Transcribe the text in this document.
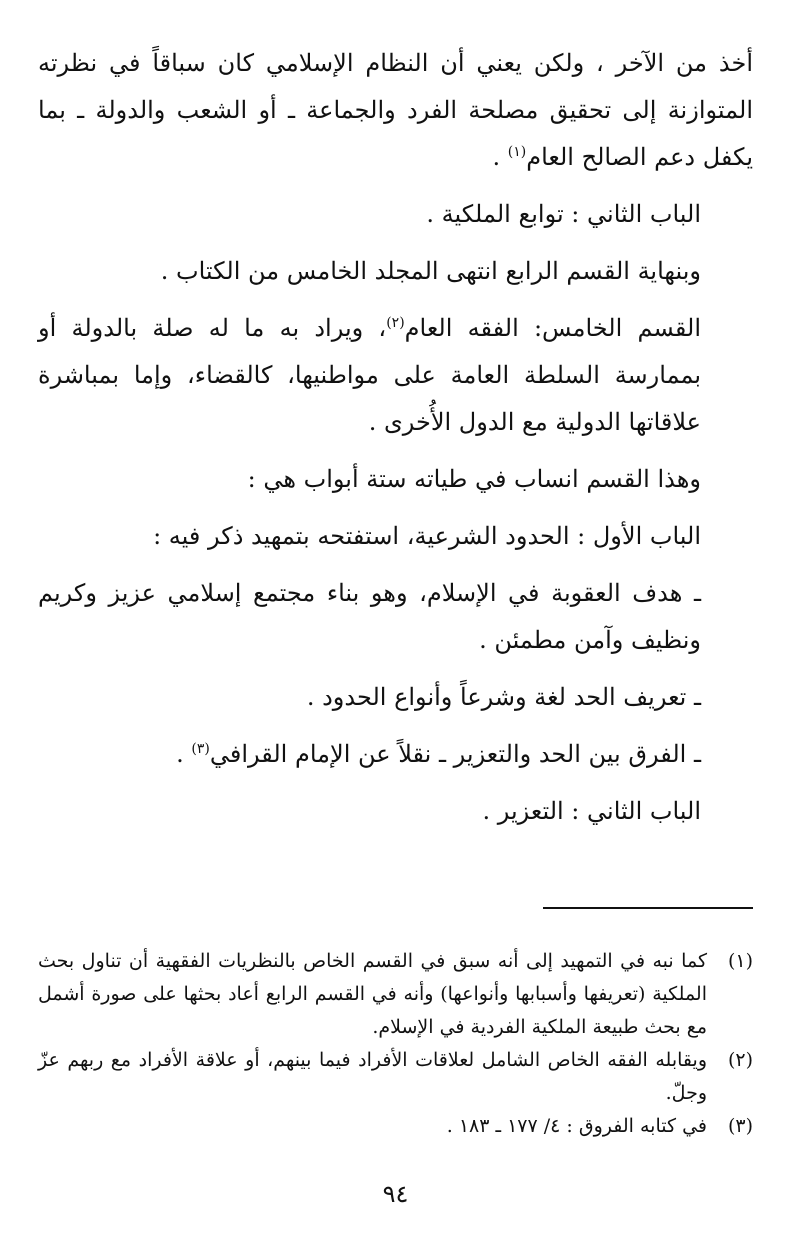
أخذ من الآخر ، ولكن يعني أن النظام الإسلامي كان سباقاً في نظرته المتوازنة إلى تحقيق مصلحة الفرد والجماعة ـ أو الشعب والدولة ـ بما يكفل دعم الصالح العام$^{(١)}$ .

الباب الثاني : توابع الملكية .

وبنهاية القسم الرابع انتهى المجلد الخامس من الكتاب .

القسم الخامس: الفقه العام$^{(٢)}$، ويراد به ما له صلة بالدولة أو بممارسة السلطة العامة على مواطنيها، كالقضاء، وإما بمباشرة علاقاتها الدولية مع الدول الأُخرى .

وهذا القسم انساب في طياته ستة أبواب هي :

الباب الأول : الحدود الشرعية، استفتحه بتمهيد ذكر فيه :

ـ هدف العقوبة في الإسلام، وهو بناء مجتمع إسلامي عزيز وكريم ونظيف وآمن مطمئن .

ـ تعريف الحد لغة وشرعاً وأنواع الحدود .

ـ الفرق بين الحد والتعزير ـ نقلاً عن الإمام القرافي$^{(٣)}$ .

الباب الثاني : التعزير .

(١)
كما نبه في التمهيد إلى أنه سبق في القسم الخاص بالنظريات الفقهية أن تناول بحث الملكية (تعريفها وأسبابها وأنواعها) وأنه في القسم الرابع أعاد بحثها على صورة أشمل مع بحث طبيعة الملكية الفردية في الإسلام.
(٢)
ويقابله الفقه الخاص الشامل لعلاقات الأفراد فيما بينهم، أو علاقة الأفراد مع ربهم عزّ وجلّ.
(٣)
في كتابه الفروق : ٤/ ١٧٧ ـ ١٨٣ .
٩٤
